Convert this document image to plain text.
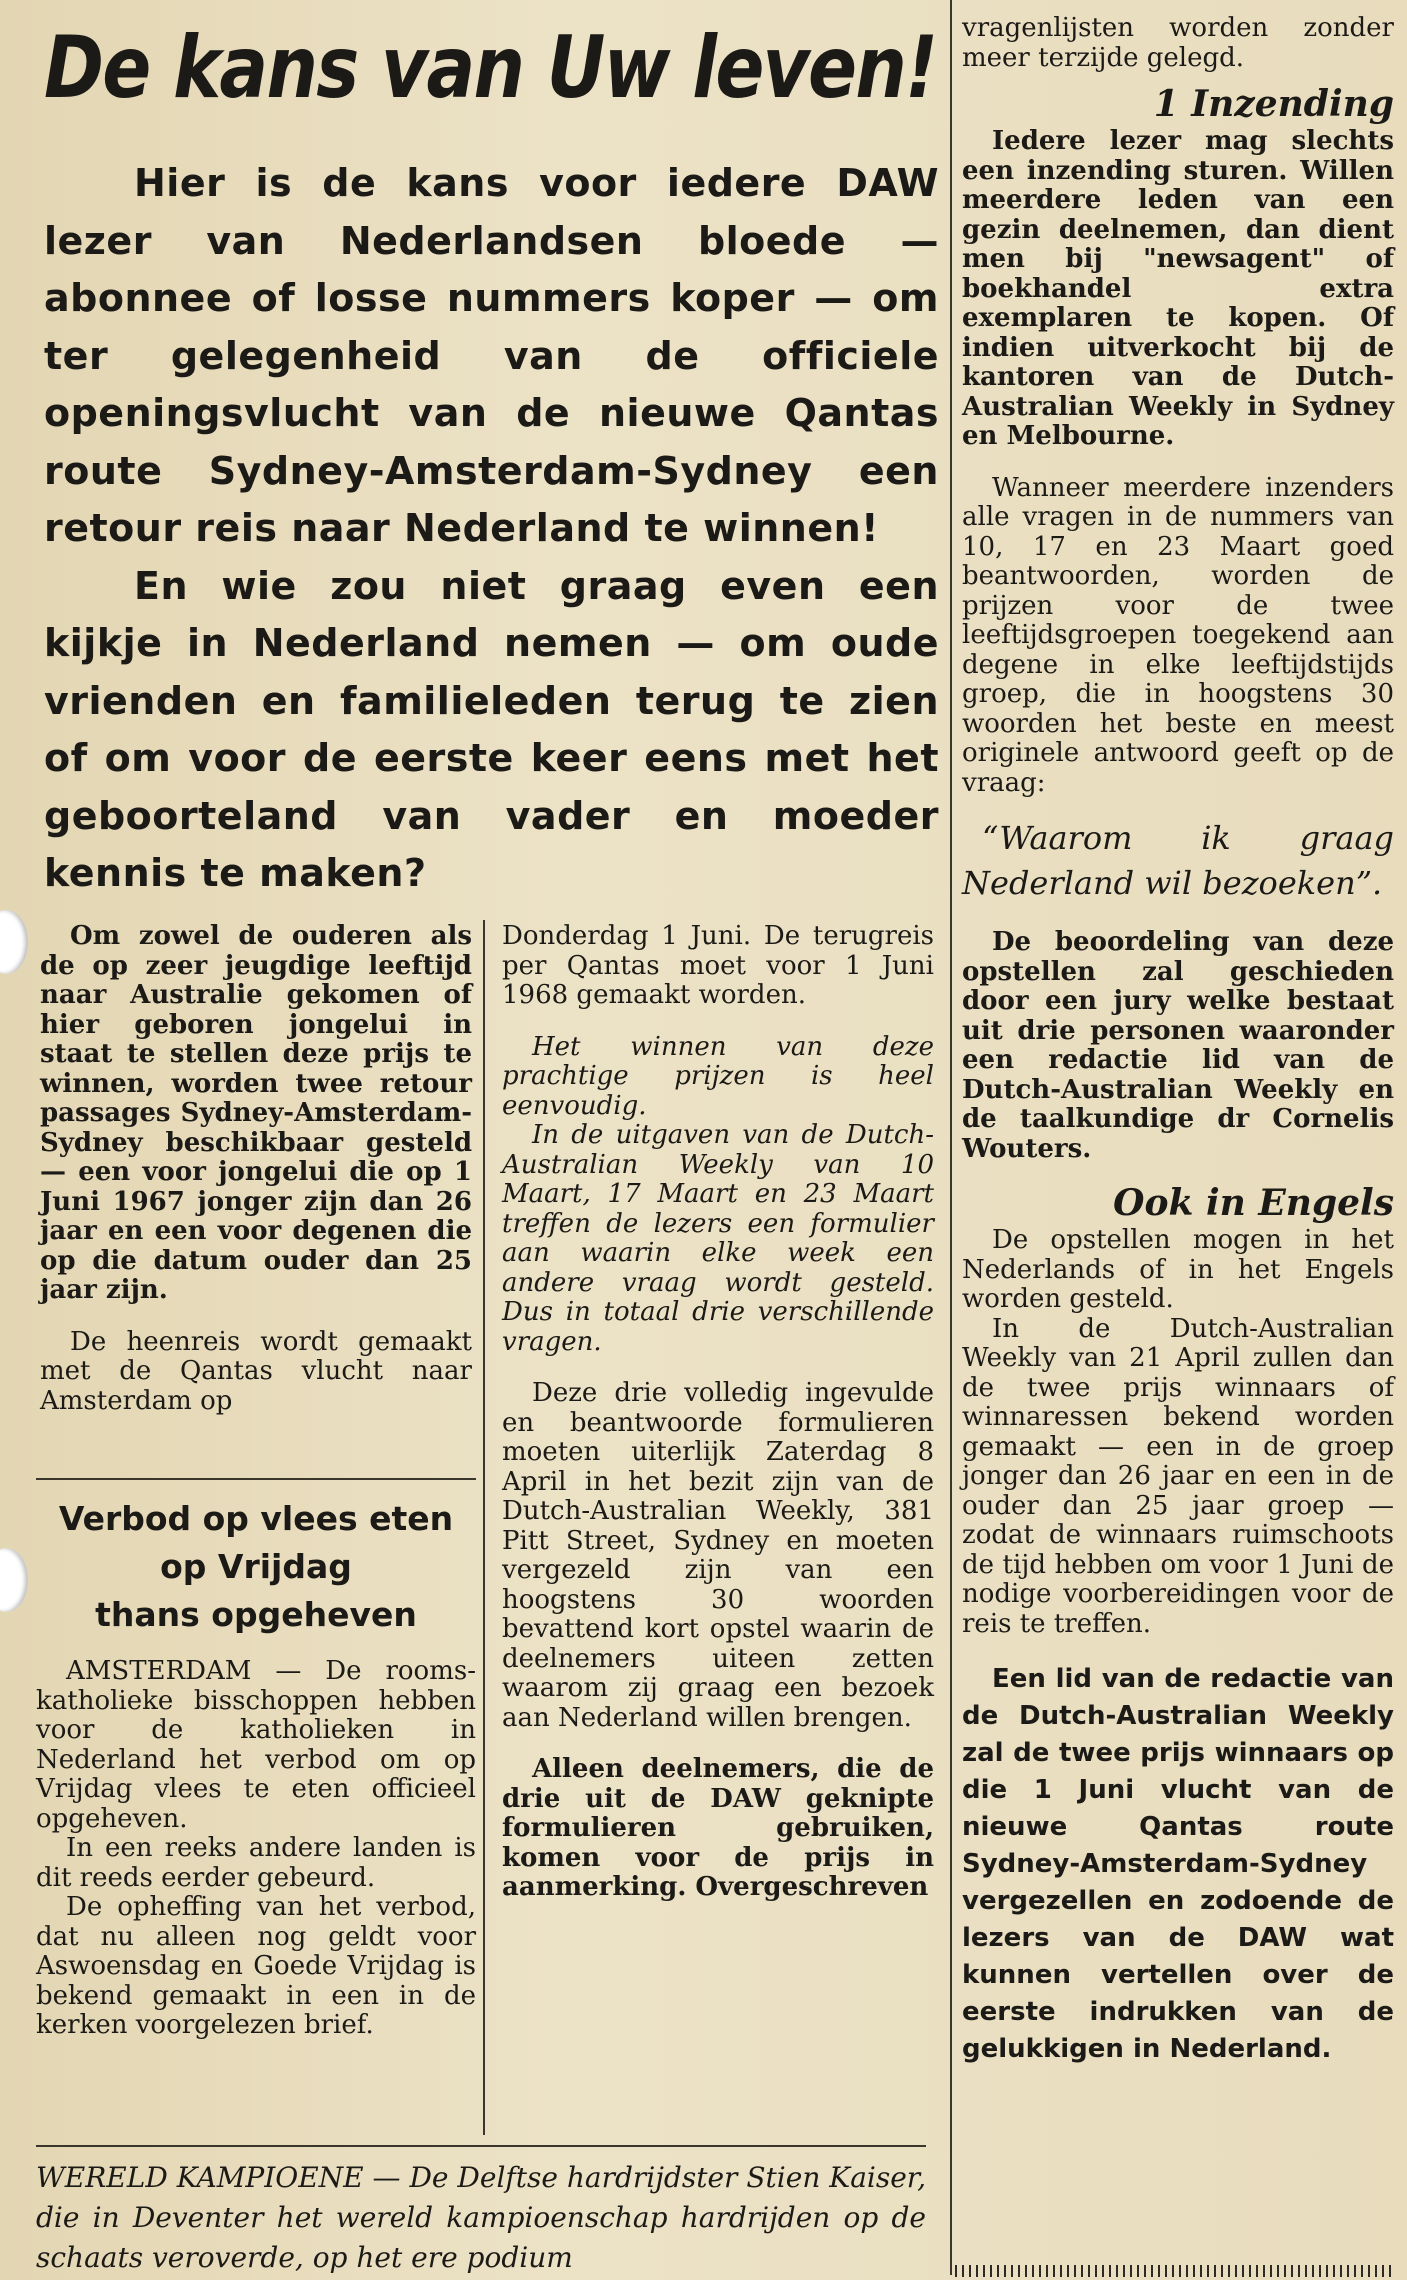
De kans van Uw leven!

Hier is de kans voor iedere DAW lezer van Nederlandsen bloede — abonnee of losse nummers koper — om ter gelegenheid van de officiele openingsvlucht van de nieuwe Qantas route Sydney-Amsterdam-Sydney een retour reis naar Nederland te winnen!

En wie zou niet graag even een kijkje in Nederland nemen — om oude vrienden en familieleden terug te zien of om voor de eerste keer eens met het geboorteland van vader en moeder kennis te maken?

Om zowel de ouderen als de op zeer jeugdige leeftijd naar Australie gekomen of hier geboren jongelui in staat te stellen deze prijs te winnen, worden twee retour passages Sydney-Amsterdam-Sydney beschikbaar gesteld — een voor jongelui die op 1 Juni 1967 jonger zijn dan 26 jaar en een voor degenen die op die datum ouder dan 25 jaar zijn.

De heenreis wordt gemaakt met de Qantas vlucht naar Amsterdam op

Verbod op vlees eten
op Vrijdag
thans opgeheven

AMSTERDAM — De rooms-katholieke bisschoppen hebben voor de katholieken in Nederland het verbod om op Vrijdag vlees te eten officieel opgeheven.

In een reeks andere landen is dit reeds eerder gebeurd.

De opheffing van het verbod, dat nu alleen nog geldt voor Aswoensdag en Goede Vrijdag is bekend gemaakt in een in de kerken voorgelezen brief.

Donderdag 1 Juni. De terugreis per Qantas moet voor 1 Juni 1968 gemaakt worden.

Het winnen van deze prachtige prijzen is heel eenvoudig.

In de uitgaven van de Dutch-Australian Weekly van 10 Maart, 17 Maart en 23 Maart treffen de lezers een formulier aan waarin elke week een andere vraag wordt gesteld. Dus in totaal drie verschillende vragen.

Deze drie volledig ingevulde en beantwoorde formulieren moeten uiterlijk Zaterdag 8 April in het bezit zijn van de Dutch-Australian Weekly, 381 Pitt Street, Sydney en moeten vergezeld zijn van een hoogstens 30 woorden bevattend kort opstel waarin de deelnemers uiteen zetten waarom zij graag een bezoek aan Nederland willen brengen.

Alleen deelnemers, die de drie uit de DAW geknipte formulieren gebruiken, komen voor de prijs in aanmerking. Overgeschreven

vragenlijsten worden zonder meer terzijde gelegd.

1 Inzending

Iedere lezer mag slechts een inzending sturen. Willen meerdere leden van een gezin deelnemen, dan dient men bij "newsagent" of boekhandel extra exemplaren te kopen. Of indien uitverkocht bij de kantoren van de Dutch-Australian Weekly in Sydney en Melbourne.

Wanneer meerdere inzenders alle vragen in de nummers van 10, 17 en 23 Maart goed beantwoorden, worden de prijzen voor de twee leeftijdsgroepen toegekend aan degene in elke leeftijdstijds groep, die in hoogstens 30 woorden het beste en meest originele antwoord geeft op de vraag:

“Waarom ik graag Nederland wil bezoeken”.

De beoordeling van deze opstellen zal geschieden door een jury welke bestaat uit drie personen waaronder een redactie lid van de Dutch-Australian Weekly en de taalkundige dr Cornelis Wouters.

Ook in Engels

De opstellen mogen in het Nederlands of in het Engels worden gesteld.

In de Dutch-Australian Weekly van 21 April zullen dan de twee prijs winnaars of winnaressen bekend worden gemaakt — een in de groep jonger dan 26 jaar en een in de ouder dan 25 jaar groep — zodat de winnaars ruimschoots de tijd hebben om voor 1 Juni de nodige voorbereidingen voor de reis te treffen.

Een lid van de redactie van de Dutch-Australian Weekly zal de twee prijs winnaars op die 1 Juni vlucht van de nieuwe Qantas route Sydney-Amsterdam-Sydney vergezellen en zodoende de lezers van de DAW wat kunnen vertellen over de eerste indrukken van de gelukkigen in Nederland.

WERELD KAMPIOENE — De Delftse hardrijdster Stien Kaiser, die in Deventer het wereld kampioenschap hardrijden op de schaats veroverde, op het ere podium
